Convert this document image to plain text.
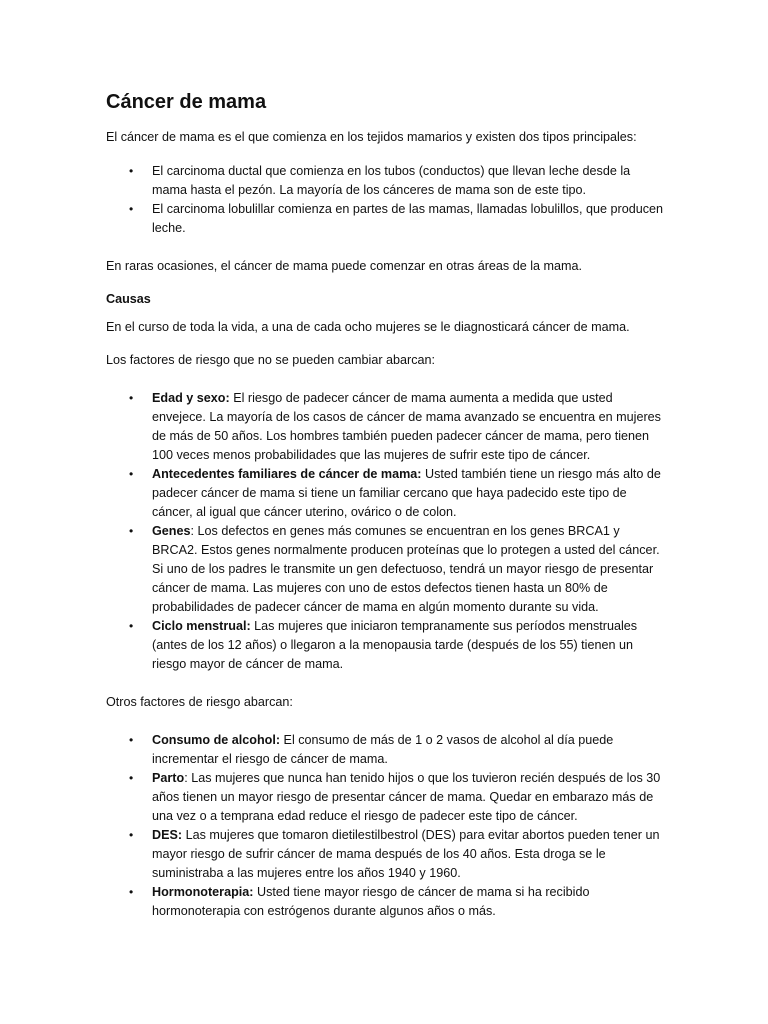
Cáncer de mama

El cáncer de mama es el que comienza en los tejidos mamarios y existen dos tipos principales:

• El carcinoma ductal que comienza en los tubos (conductos) que llevan leche desde la mama hasta el pezón. La mayoría de los cánceres de mama son de este tipo.
• El carcinoma lobulillar comienza en partes de las mamas, llamadas lobulillos, que producen leche.

En raras ocasiones, el cáncer de mama puede comenzar en otras áreas de la mama.

Causas

En el curso de toda la vida, a una de cada ocho mujeres se le diagnosticará cáncer de mama.

Los factores de riesgo que no se pueden cambiar abarcan:

• Edad y sexo: El riesgo de padecer cáncer de mama aumenta a medida que usted envejece. La mayoría de los casos de cáncer de mama avanzado se encuentra en mujeres de más de 50 años. Los hombres también pueden padecer cáncer de mama, pero tienen 100 veces menos probabilidades que las mujeres de sufrir este tipo de cáncer.
• Antecedentes familiares de cáncer de mama: Usted también tiene un riesgo más alto de padecer cáncer de mama si tiene un familiar cercano que haya padecido este tipo de cáncer, al igual que cáncer uterino, ovárico o de colon.
• Genes: Los defectos en genes más comunes se encuentran en los genes BRCA1 y BRCA2. Estos genes normalmente producen proteínas que lo protegen a usted del cáncer. Si uno de los padres le transmite un gen defectuoso, tendrá un mayor riesgo de presentar cáncer de mama. Las mujeres con uno de estos defectos tienen hasta un 80% de probabilidades de padecer cáncer de mama en algún momento durante su vida.
• Ciclo menstrual: Las mujeres que iniciaron tempranamente sus períodos menstruales (antes de los 12 años) o llegaron a la menopausia tarde (después de los 55) tienen un riesgo mayor de cáncer de mama.

Otros factores de riesgo abarcan:

• Consumo de alcohol: El consumo de más de 1 o 2 vasos de alcohol al día puede incrementar el riesgo de cáncer de mama.
• Parto: Las mujeres que nunca han tenido hijos o que los tuvieron recién después de los 30 años tienen un mayor riesgo de presentar cáncer de mama. Quedar en embarazo más de una vez o a temprana edad reduce el riesgo de padecer este tipo de cáncer.
• DES: Las mujeres que tomaron dietilestilbestrol (DES) para evitar abortos pueden tener un mayor riesgo de sufrir cáncer de mama después de los 40 años. Esta droga se le suministraba a las mujeres entre los años 1940 y 1960.
• Hormonoterapia: Usted tiene mayor riesgo de cáncer de mama si ha recibido hormonoterapia con estrógenos durante algunos años o más.
